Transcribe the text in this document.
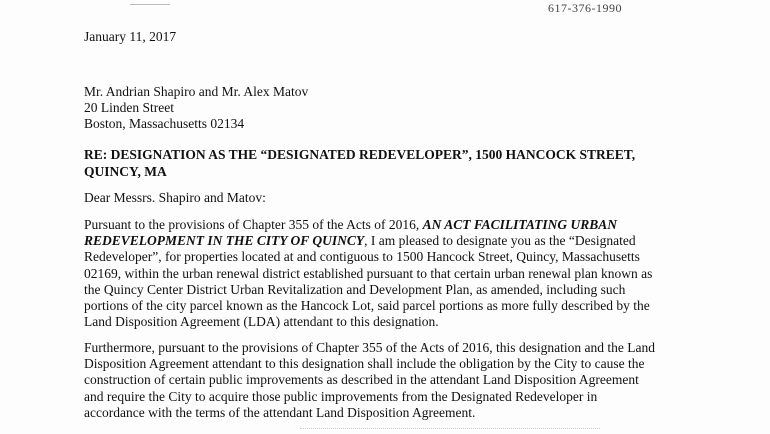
617-376-1990
January 11, 2017
Mr. Andrian Shapiro and Mr. Alex Matov
20 Linden Street
Boston, Massachusetts 02134
RE: DESIGNATION AS THE “DESIGNATED REDEVELOPER”, 1500 HANCOCK STREET,
QUINCY, MA
Dear Messrs. Shapiro and Matov:
Pursuant to the provisions of Chapter 355 of the Acts of 2016, AN ACT FACILITATING URBAN
REDEVELOPMENT IN THE CITY OF QUINCY, I am pleased to designate you as the “Designated
Redeveloper”, for properties located at and contiguous to 1500 Hancock Street, Quincy, Massachusetts
02169, within the urban renewal district established pursuant to that certain urban renewal plan known as
the Quincy Center District Urban Revitalization and Development Plan, as amended, including such
portions of the city parcel known as the Hancock Lot, said parcel portions as more fully described by the
Land Disposition Agreement (LDA) attendant to this designation.
Furthermore, pursuant to the provisions of Chapter 355 of the Acts of 2016, this designation and the Land
Disposition Agreement attendant to this designation shall include the obligation by the City to cause the
construction of certain public improvements as described in the attendant Land Disposition Agreement
and require the City to acquire those public improvements from the Designated Redeveloper in
accordance with the terms of the attendant Land Disposition Agreement.
